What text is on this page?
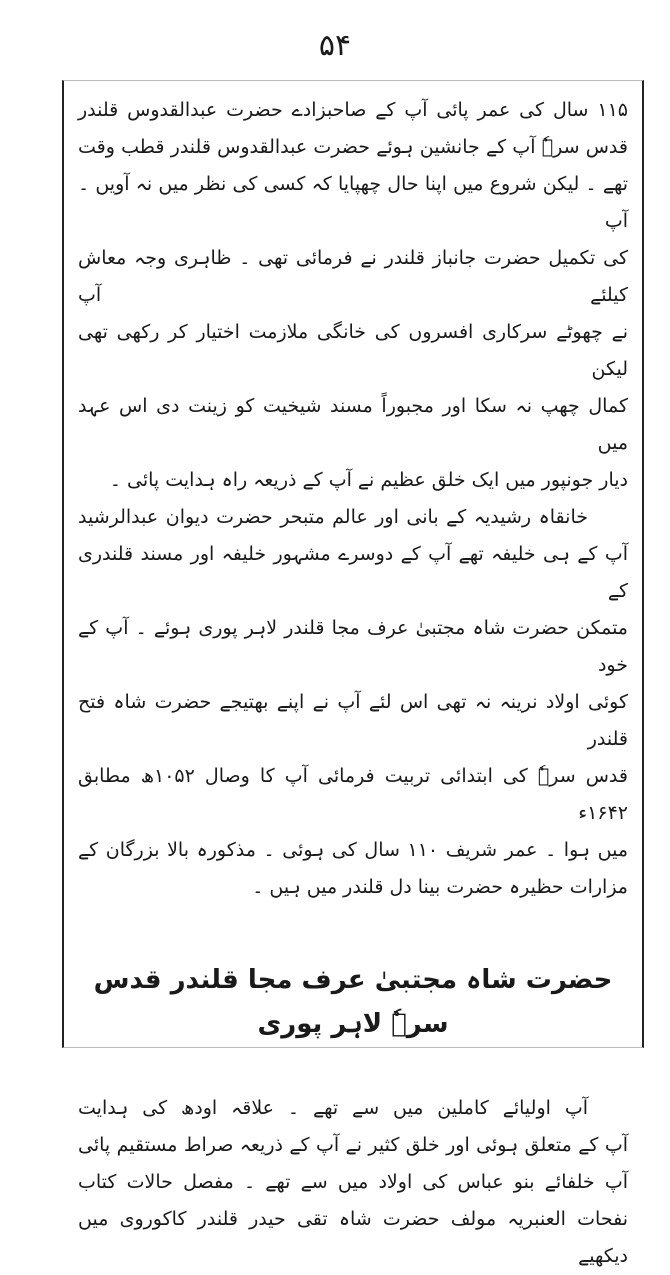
۵۴
۱۱۵ سال کی عمر پائی آپ کے صاحبزادے حضرت عبدالقدوس قلندر
قدس سرہٗ آپ کے جانشین ہوئے حضرت عبدالقدوس قلندر قطب وقت
تھے ۔ لیکن شروع میں اپنا حال چھپایا کہ کسی کی نظر میں نہ آویں ۔ آپ
کی تکمیل حضرت جانباز قلندر نے فرمائی تھی ۔ ظاہری وجہ معاش کیلئے آپ
نے چھوٹے سرکاری افسروں کی خانگی ملازمت اختیار کر رکھی تھی لیکن
کمال چھپ نہ سکا اور مجبوراً مسند شیخیت کو زینت دی اس عہد میں
دیار جونپور میں ایک خلق عظیم نے آپ کے ذریعہ راہ ہدایت پائی ۔
خانقاہ رشیدیہ کے بانی اور عالم متبحر حضرت دیوان عبدالرشید
آپ کے ہی خلیفہ تھے آپ کے دوسرے مشہور خلیفہ اور مسند قلندری کے
متمکن حضرت شاہ مجتبیٰ عرف مجا قلندر لاہر پوری ہوئے ۔ آپ کے خود
کوئی اولاد نرینہ نہ تھی اس لئے آپ نے اپنے بھتیجے حضرت شاہ فتح قلندر
قدس سرہٗ کی ابتدائی تربیت فرمائی آپ کا وصال ۱۰۵۲ھ مطابق ۱۶۴۲ء
میں ہوا ۔ عمر شریف ۱۱۰ سال کی ہوئی ۔ مذکورہ بالا بزرگان کے
مزارات حظیرہ حضرت بینا دل قلندر میں ہیں ۔
حضرت شاہ مجتبیٰ عرف مجا قلندر قدس سرہٗ لاہر پوری
آپ اولیائے کاملین میں سے تھے ۔ علاقہ اودھ کی ہدایت
آپ کے متعلق ہوئی اور خلق کثیر نے آپ کے ذریعہ صراط مستقیم پائی
آپ خلفائے بنو عباس کی اولاد میں سے تھے ۔ مفصل حالات کتاب
نفحات العنبریہ مولف حضرت شاہ تقی حیدر قلندر کاکوروی میں دیکھیے
